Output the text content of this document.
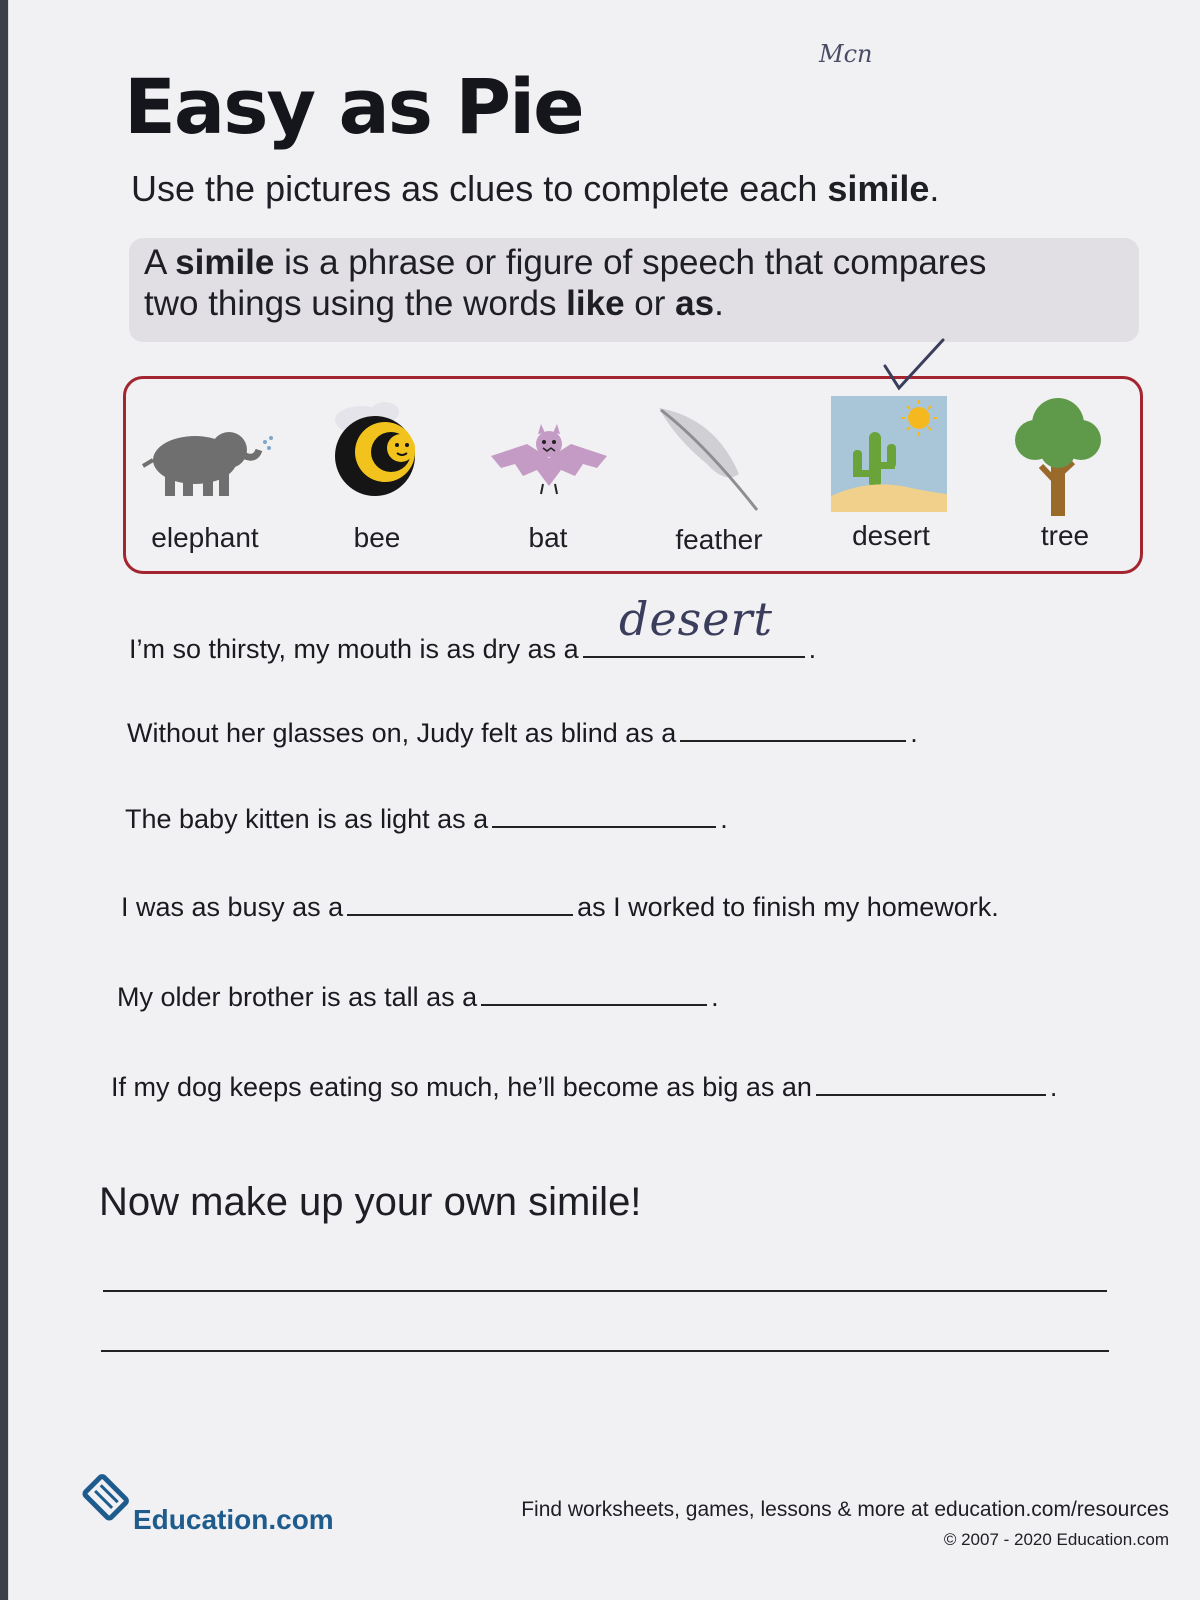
Easy as Pie
Mcn
Use the pictures as clues to complete each simile.
A simile is a phrase or figure of speech that compares
two things using the words like or as.
elephant	bee	bat	feather	desert	tree
I’m so thirsty, my mouth is as dry as a	.
desert
Without her glasses on, Judy felt as blind as a	.
The baby kitten is as light as a	.
I was as busy as a	as I worked to finish my homework.
My older brother is as tall as a	.
If my dog keeps eating so much, he’ll become as big as an	.
Now make up your own simile!
Education.com	Find worksheets, games, lessons & more at education.com/resources
© 2007 - 2020 Education.com
